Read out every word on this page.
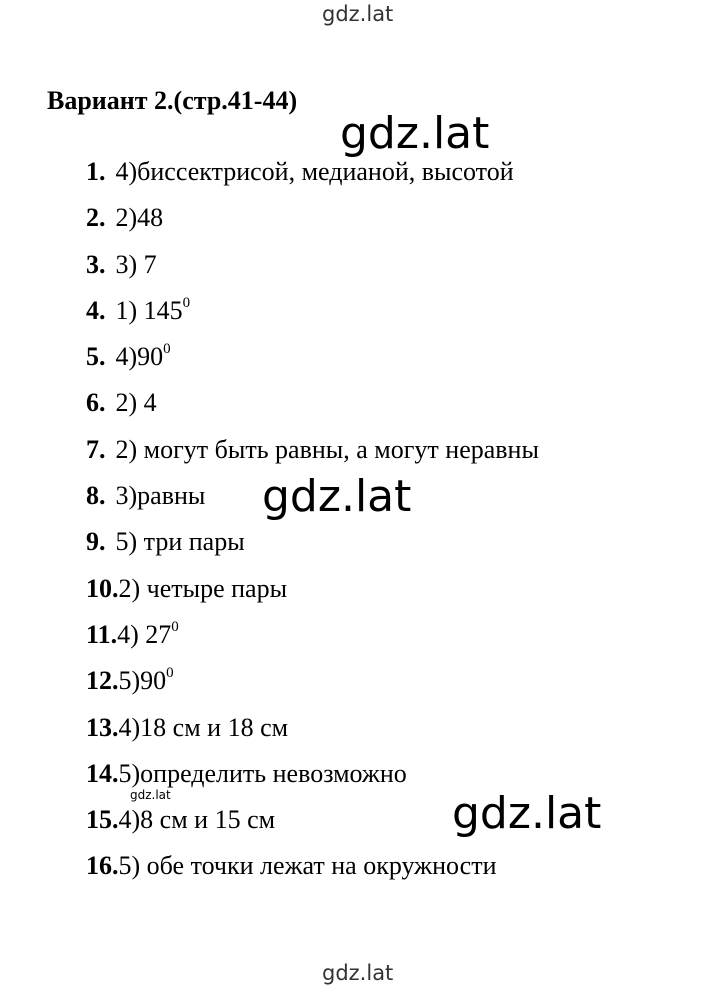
gdz.lat
Вариант 2.(стр.41-44)
1. 4)биссектрисой, медианой, высотой
2. 2)48
3. 3) 7
4. 1) $145^0$
5. $4)90^0$
6. 2) 4
7. 2) могут быть равны, а могут неравны
8. 3)равны
9. 5) три пары
10.2) четыре пары
11.4) $27^0$
$12.5)90^0$
13.4)18 см и 18 см
14.5)определить невозможно
15.4)8 см и 15 см
16.5) обе точки лежат на окружности
gdz.lat
gdz.lat
gdz.lat
gdz.lat
gdz.lat
